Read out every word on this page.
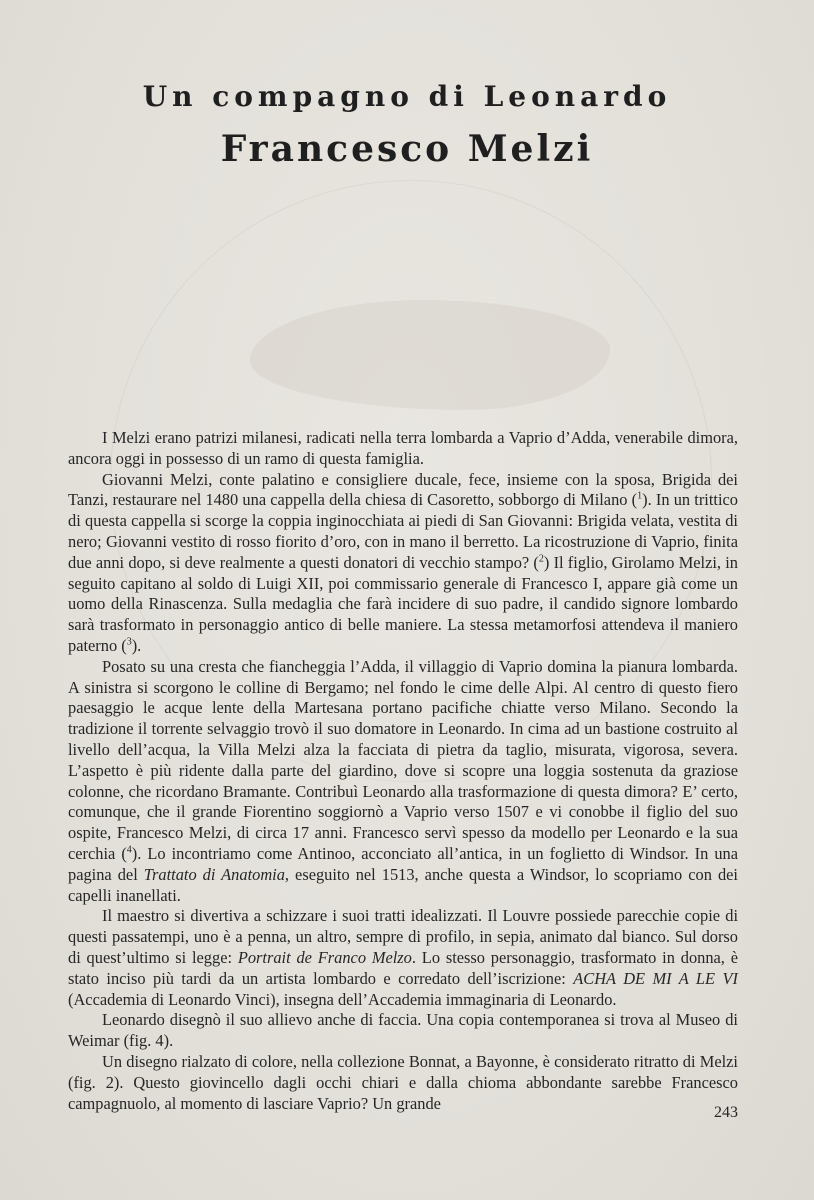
Un compagno di Leonardo
Francesco Melzi

I Melzi erano patrizi milanesi, radicati nella terra lombarda a Vaprio d’Adda, venerabile dimora, ancora oggi in possesso di un ramo di questa famiglia.

Giovanni Melzi, conte palatino e consigliere ducale, fece, insieme con la sposa, Brigida dei Tanzi, restaurare nel 1480 una cappella della chiesa di Casoretto, sobborgo di Milano ($^1$). In un trittico di questa cappella si scorge la coppia inginocchiata ai piedi di San Giovanni: Brigida velata, vestita di nero; Giovanni vestito di rosso fiorito d’oro, con in mano il berretto. La ricostruzione di Vaprio, finita due anni dopo, si deve realmente a questi donatori di vecchio stampo? ($^2$) Il figlio, Girolamo Melzi, in seguito capitano al soldo di Luigi XII, poi commissario generale di Francesco I, appare già come un uomo della Rinascenza. Sulla medaglia che farà incidere di suo padre, il candido signore lombardo sarà trasformato in personaggio antico di belle maniere. La stessa metamorfosi attendeva il maniero paterno ($^3$).

Posato su una cresta che fiancheggia l’Adda, il villaggio di Vaprio domina la pianura lombarda. A sinistra si scorgono le colline di Bergamo; nel fondo le cime delle Alpi. Al centro di questo fiero paesaggio le acque lente della Martesana portano pacifiche chiatte verso Milano. Secondo la tradizione il torrente selvaggio trovò il suo domatore in Leonardo. In cima ad un bastione costruito al livello dell’acqua, la Villa Melzi alza la facciata di pietra da taglio, misurata, vigorosa, severa. L’aspetto è più ridente dalla parte del giardino, dove si scopre una loggia sostenuta da graziose colonne, che ricordano Bramante. Contribuì Leonardo alla trasformazione di questa dimora? E’ certo, comunque, che il grande Fiorentino soggiornò a Vaprio verso 1507 e vi conobbe il figlio del suo ospite, Francesco Melzi, di circa 17 anni. Francesco servì spesso da modello per Leonardo e la sua cerchia ($^4$). Lo incontriamo come Antinoo, acconciato all’antica, in un foglietto di Windsor. In una pagina del Trattato di Anatomia, eseguito nel 1513, anche questa a Windsor, lo scopriamo con dei capelli inanellati.

Il maestro si divertiva a schizzare i suoi tratti idealizzati. Il Louvre possiede parecchie copie di questi passatempi, uno è a penna, un altro, sempre di profilo, in sepia, animato dal bianco. Sul dorso di quest’ultimo si legge: Portrait de Franco Melzo. Lo stesso personaggio, trasformato in donna, è stato inciso più tardi da un artista lombardo e corredato dell’iscrizione: ACHA DE MI A LE VI (Accademia di Leonardo Vinci), insegna dell’Accademia immaginaria di Leonardo.

Leonardo disegnò il suo allievo anche di faccia. Una copia contemporanea si trova al Museo di Weimar (fig. 4).

Un disegno rialzato di colore, nella collezione Bonnat, a Bayonne, è considerato ritratto di Melzi (fig. 2). Questo giovincello dagli occhi chiari e dalla chioma abbondante sarebbe Francesco campagnuolo, al momento di lasciare Vaprio? Un grande	243
